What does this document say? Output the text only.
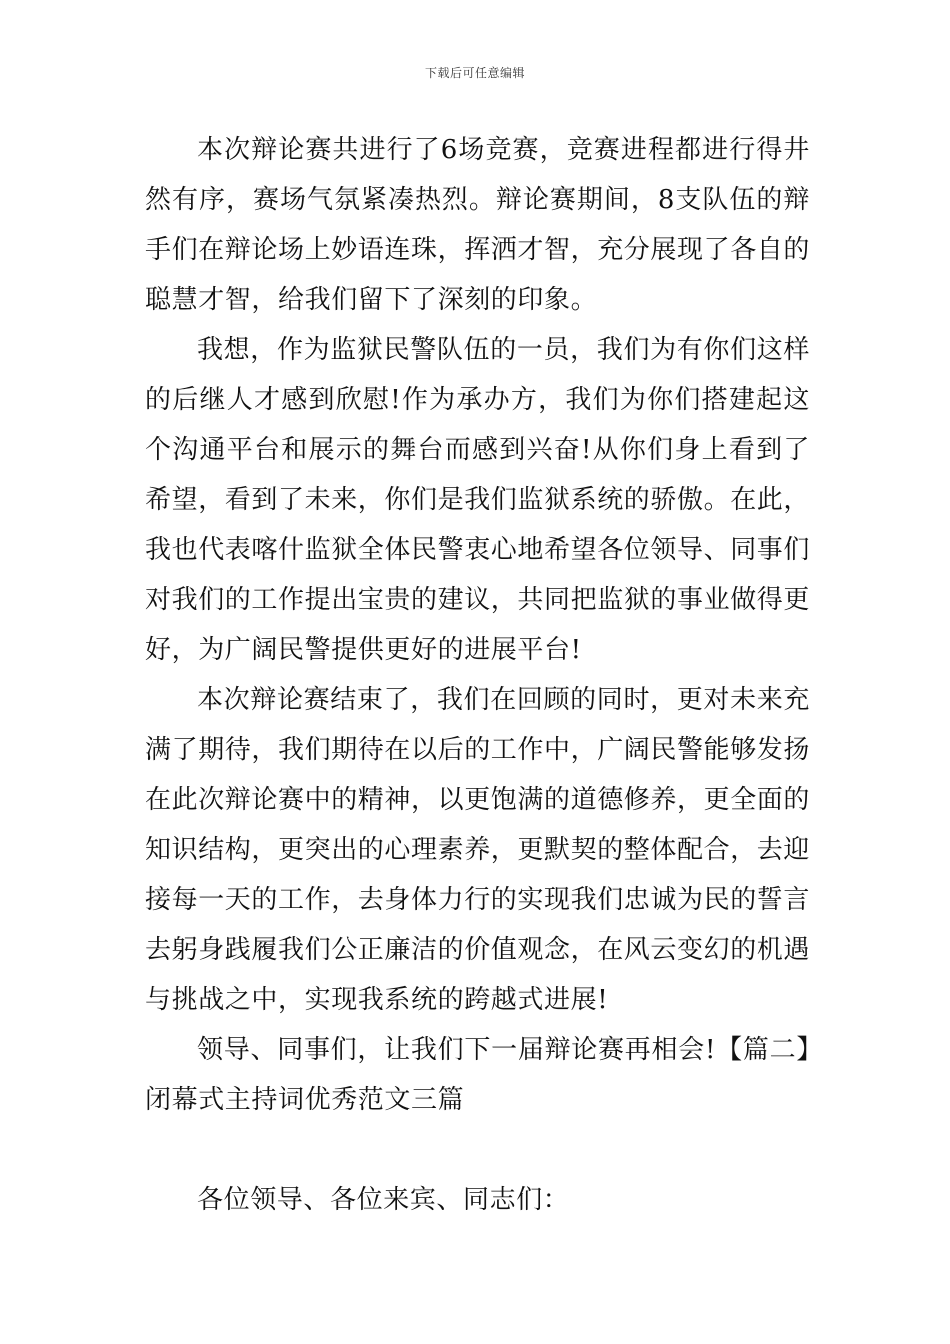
下载后可任意编辑

本次辩论赛共进行了6场竞赛，竞赛进程都进行得井然有序，赛场气氛紧凑热烈。辩论赛期间，8支队伍的辩手们在辩论场上妙语连珠，挥洒才智，充分展现了各自的聪慧才智，给我们留下了深刻的印象。

我想，作为监狱民警队伍的一员，我们为有你们这样的后继人才感到欣慰!作为承办方，我们为你们搭建起这个沟通平台和展示的舞台而感到兴奋!从你们身上看到了希望，看到了未来，你们是我们监狱系统的骄傲。在此，我也代表喀什监狱全体民警衷心地希望各位领导、同事们对我们的工作提出宝贵的建议，共同把监狱的事业做得更好，为广阔民警提供更好的进展平台!

本次辩论赛结束了，我们在回顾的同时，更对未来充满了期待，我们期待在以后的工作中，广阔民警能够发扬在此次辩论赛中的精神，以更饱满的道德修养，更全面的知识结构，更突出的心理素养，更默契的整体配合，去迎接每一天的工作，去身体力行的实现我们忠诚为民的誓言去躬身践履我们公正廉洁的价值观念，在风云变幻的机遇与挑战之中，实现我系统的跨越式进展!

领导、同事们，让我们下一届辩论赛再相会!【篇二】闭幕式主持词优秀范文三篇

各位领导、各位来宾、同志们：
